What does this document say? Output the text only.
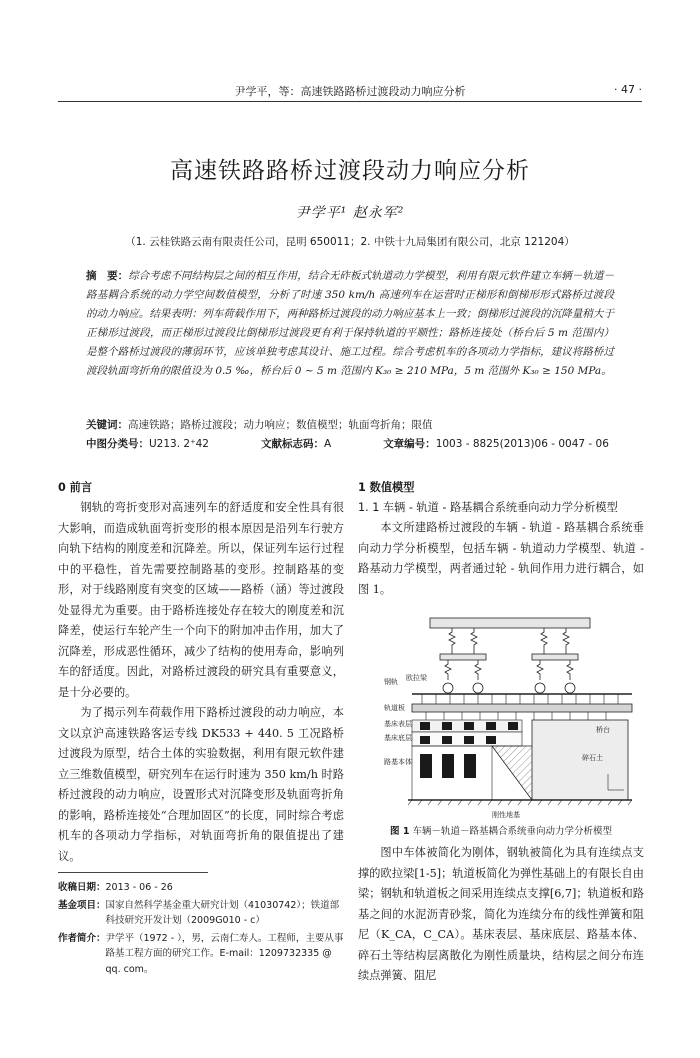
尹学平，等：高速铁路路桥过渡段动力响应分析	· 47 ·
高速铁路路桥过渡段动力响应分析
尹学平¹ 赵永军²
（1. 云桂铁路云南有限责任公司，昆明 650011；2. 中铁十九局集团有限公司，北京 121204）
摘　要：综合考虑不同结构层之间的相互作用，结合无砟板式轨道动力学模型，利用有限元软件建立车辆－轨道－路基耦合系统的动力学空间数值模型，分析了时速 350 km/h 高速列车在运营时正梯形和倒梯形形式路桥过渡段的动力响应。结果表明：列车荷载作用下，两种路桥过渡段的动力响应基本上一致；倒梯形过渡段的沉降量稍大于正梯形过渡段，而正梯形过渡段比倒梯形过渡段更有利于保持轨道的平顺性；路桥连接处（桥台后 5 m 范围内）是整个路桥过渡段的薄弱环节，应该单独考虑其设计、施工过程。综合考虑机车的各项动力学指标，建议将路桥过渡段轨面弯折角的限值设为 0.5 ‰，桥台后 0 ~ 5 m 范围内 K₃₀ ≥ 210 MPa，5 m 范围外 K₃₀ ≥ 150 MPa。
关键词：高速铁路；路桥过渡段；动力响应；数值模型；轨面弯折角；限值
中图分类号：U213. 2⁺42	文献标志码：A	文章编号：1003 - 8825(2013)06 - 0047 - 06
0 前言

钢轨的弯折变形对高速列车的舒适度和安全性具有很大影响，而造成轨面弯折变形的根本原因是沿列车行驶方向轨下结构的刚度差和沉降差。所以，保证列车运行过程中的平稳性，首先需要控制路基的变形。控制路基的变形，对于线路刚度有突变的区域——路桥（涵）等过渡段处显得尤为重要。由于路桥连接处存在较大的刚度差和沉降差，使运行车轮产生一个向下的附加冲击作用，加大了沉降差，形成恶性循环，减少了结构的使用寿命，影响列车的舒适度。因此，对路桥过渡段的研究具有重要意义，是十分必要的。

为了揭示列车荷载作用下路桥过渡段的动力响应，本文以京沪高速铁路客运专线 DK533 + 440. 5 工况路桥过渡段为原型，结合土体的实验数据，利用有限元软件建立三维数值模型，研究列车在运行时速为 350 km/h 时路桥过渡段的动力响应，设置形式对沉降变形及轨面弯折角的影响，路桥连接处“合理加固区”的长度，同时综合考虑机车的各项动力学指标，对轨面弯折角的限值提出了建议。

收稿日期： 2013 - 06 - 26
基金项目： 国家自然科学基金重大研究计划（41030742）；铁道部科技研究开发计划（2009G010 - c）
作者简介： 尹学平（1972 - ），男，云南仁寿人。工程师，主要从事路基工程方面的研究工作。E-mail：1209732335 @ qq. com。
1 数值模型
1. 1 车辆 - 轨道 - 路基耦合系统垂向动力学分析模型

本文所建路桥过渡段的车辆 - 轨道 - 路基耦合系统垂向动力学分析模型，包括车辆 - 轨道动力学模型、轨道 - 路基动力学模型，两者通过轮 - 轨间作用力进行耦合，如图 1。

钢轨 欧拉梁
轨道板
基床表层
基床底层
路基本体	碎石土
桥台
刚性地基
图 1 车辆－轨道－路基耦合系统垂向动力学分析模型

图中车体被简化为刚体，钢轨被简化为具有连续点支撑的欧拉梁[1-5]；轨道板简化为弹性基础上的有限长自由梁；钢轨和轨道板之间采用连续点支撑[6,7]；轨道板和路基之间的水泥沥青砂浆，简化为连续分布的线性弹簧和阻尼（K_CA，C_CA）。基床表层、基床底层、路基本体、碎石土等结构层离散化为刚性质量块，结构层之间分布连续点弹簧、阻尼
